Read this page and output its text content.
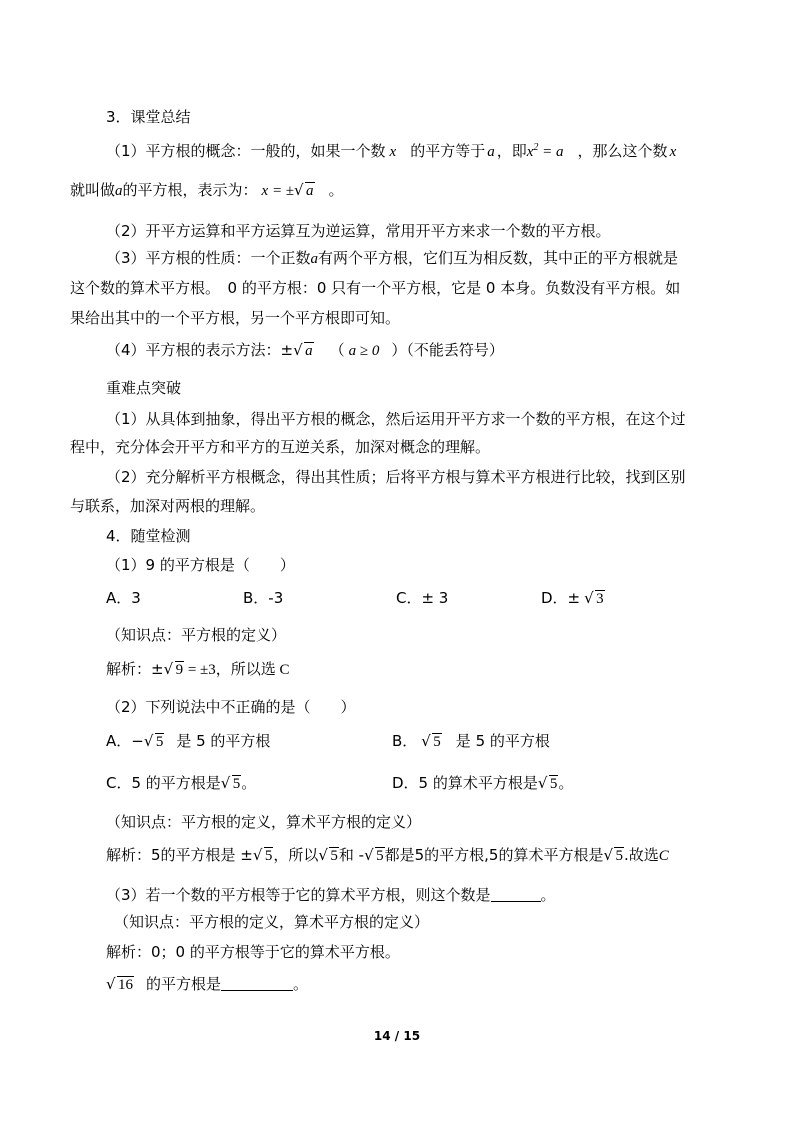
3．课堂总结
（1）平方根的概念：一般的，如果一个数 x 的平方等于 a ，即$x^2 = a$ ，那么这个数 x
就叫做a的平方根，表示为： x = ± √ a 。
（2）开平方运算和平方运算互为逆运算，常用开平方来求一个数的平方根。
（3）平方根的性质：一个正数a有两个平方根，它们互为相反数，其中正的平方根就是
这个数的算术平方根。　0 的平方根：0 只有一个平方根，它是 0 本身。负数没有平方根。如
果给出其中的一个平方根，另一个平方根即可知。
（4）平方根的表示方法：± √ a （ a ≥ 0 ）（不能丢符号）
重难点突破
（1）从具体到抽象，得出平方根的概念，然后运用开平方求一个数的平方根，在这个过
程中，充分体会开平方和平方的互逆关系，加深对概念的理解。
（2）充分解析平方根概念，得出其性质；后将平方根与算术平方根进行比较，找到区别
与联系，加深对两根的理解。
4．随堂检测
（1）9 的平方根是（　　）
A．3	B．-3	C．± 3	D．± √ 3
（知识点：平方根的定义）
解析：± √ 9 = ±3，所以选 C
（2）下列说法中不正确的是（　　）
A．− √ 5 是 5 的平方根	B． √ 5 是 5 的平方根
C．5 的平方根是 √ 5。	D．5 的算术平方根是 √ 5。
（知识点：平方根的定义，算术平方根的定义）
解析：5的平方根是 ± √ 5，所以 √ 5和 - √ 5都是5的平方根,5的算术平方根是 √ 5.故选C
（3）若一个数的平方根等于它的算术平方根，则这个数是	。
（知识点：平方根的定义，算术平方根的定义）
解析：0；0 的平方根等于它的算术平方根。
√ 16 的平方根是	。
14 / 15
